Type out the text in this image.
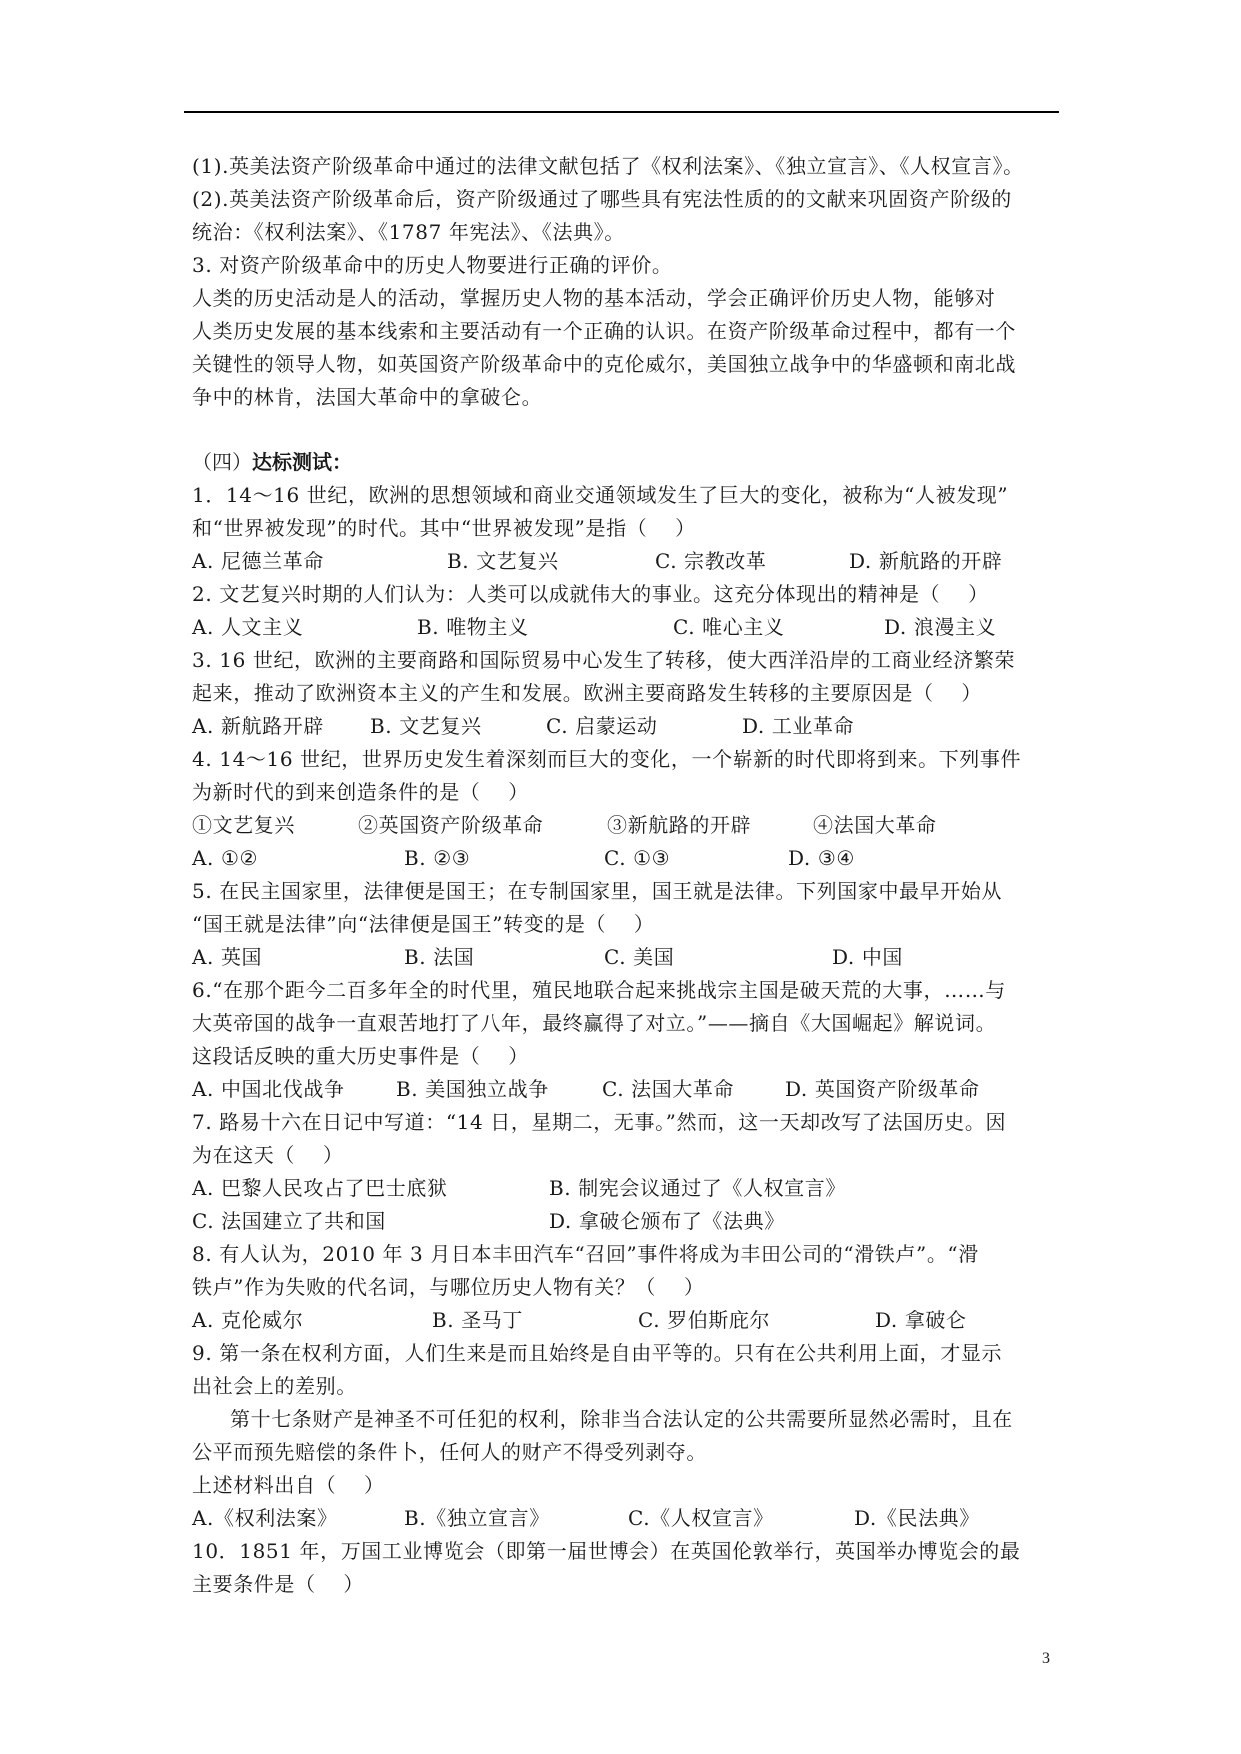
(1).英美法资产阶级革命中通过的法律文献包括了《权利法案》、《独立宣言》、《人权宣言》。
(2).英美法资产阶级革命后，资产阶级通过了哪些具有宪法性质的的文献来巩固资产阶级的
统治：《权利法案》、《1787 年宪法》、《法典》。
3. 对资产阶级革命中的历史人物要进行正确的评价。
人类的历史活动是人的活动，掌握历史人物的基本活动，学会正确评价历史人物，能够对
人类历史发展的基本线索和主要活动有一个正确的认识。在资产阶级革命过程中，都有一个
关键性的领导人物，如英国资产阶级革命中的克伦威尔，美国独立战争中的华盛顿和南北战
争中的林肯，法国大革命中的拿破仑。
（四）达标测试：
1．14～16 世纪，欧洲的思想领域和商业交通领域发生了巨大的变化，被称为“人被发现”
和“世界被发现”的时代。其中“世界被发现”是指（    ）
A. 尼德兰革命	B. 文艺复兴	C. 宗教改革	D. 新航路的开辟
2. 文艺复兴时期的人们认为：人类可以成就伟大的事业。这充分体现出的精神是（    ）
A. 人文主义	B. 唯物主义	C. 唯心主义	D. 浪漫主义
3. 16 世纪，欧洲的主要商路和国际贸易中心发生了转移，使大西洋沿岸的工商业经济繁荣
起来，推动了欧洲资本主义的产生和发展。欧洲主要商路发生转移的主要原因是（    ）
A. 新航路开辟 B. 文艺复兴	C. 启蒙运动	D. 工业革命
4. 14～16 世纪，世界历史发生着深刻而巨大的变化，一个崭新的时代即将到来。下列事件
为新时代的到来创造条件的是（    ）
①文艺复兴	②英国资产阶级革命	③新航路的开辟	④法国大革命
A. ①②	B. ②③	C. ①③	D. ③④
5. 在民主国家里，法律便是国王；在专制国家里，国王就是法律。下列国家中最早开始从
“国王就是法律”向“法律便是国王”转变的是（    ）
A. 英国	B. 法国	C. 美国	D. 中国
6.“在那个距今二百多年全的时代里，殖民地联合起来挑战宗主国是破天荒的大事，……与
大英帝国的战争一直艰苦地打了八年，最终赢得了对立。”——摘自《大国崛起》解说词。
这段话反映的重大历史事件是（    ）
A. 中国北伐战争	B. 美国独立战争	C. 法国大革命	D. 英国资产阶级革命
7. 路易十六在日记中写道：“14 日，星期二，无事。”然而，这一天却改写了法国历史。因
为在这天（    ）
A. 巴黎人民攻占了巴士底狱	B. 制宪会议通过了《人权宣言》
C. 法国建立了共和国	D. 拿破仑颁布了《法典》
8. 有人认为，2010 年 3 月日本丰田汽车“召回”事件将成为丰田公司的“滑铁卢”。“滑
铁卢”作为失败的代名词，与哪位历史人物有关？（    ）
A. 克伦威尔	B. 圣马丁	C. 罗伯斯庇尔	D. 拿破仑
9. 第一条在权利方面，人们生来是而且始终是自由平等的。只有在公共利用上面，才显示
出社会上的差别。
第十七条财产是神圣不可任犯的权利，除非当合法认定的公共需要所显然必需时，且在
公平而预先赔偿的条件卜，任何人的财产不得受列剥夺。
上述材料出自（    ）
A.《权利法案》	B.《独立宣言》	C.《人权宣言》	D.《民法典》
10．1851 年，万国工业博览会（即第一届世博会）在英国伦敦举行，英国举办博览会的最
主要条件是（    ）
3
